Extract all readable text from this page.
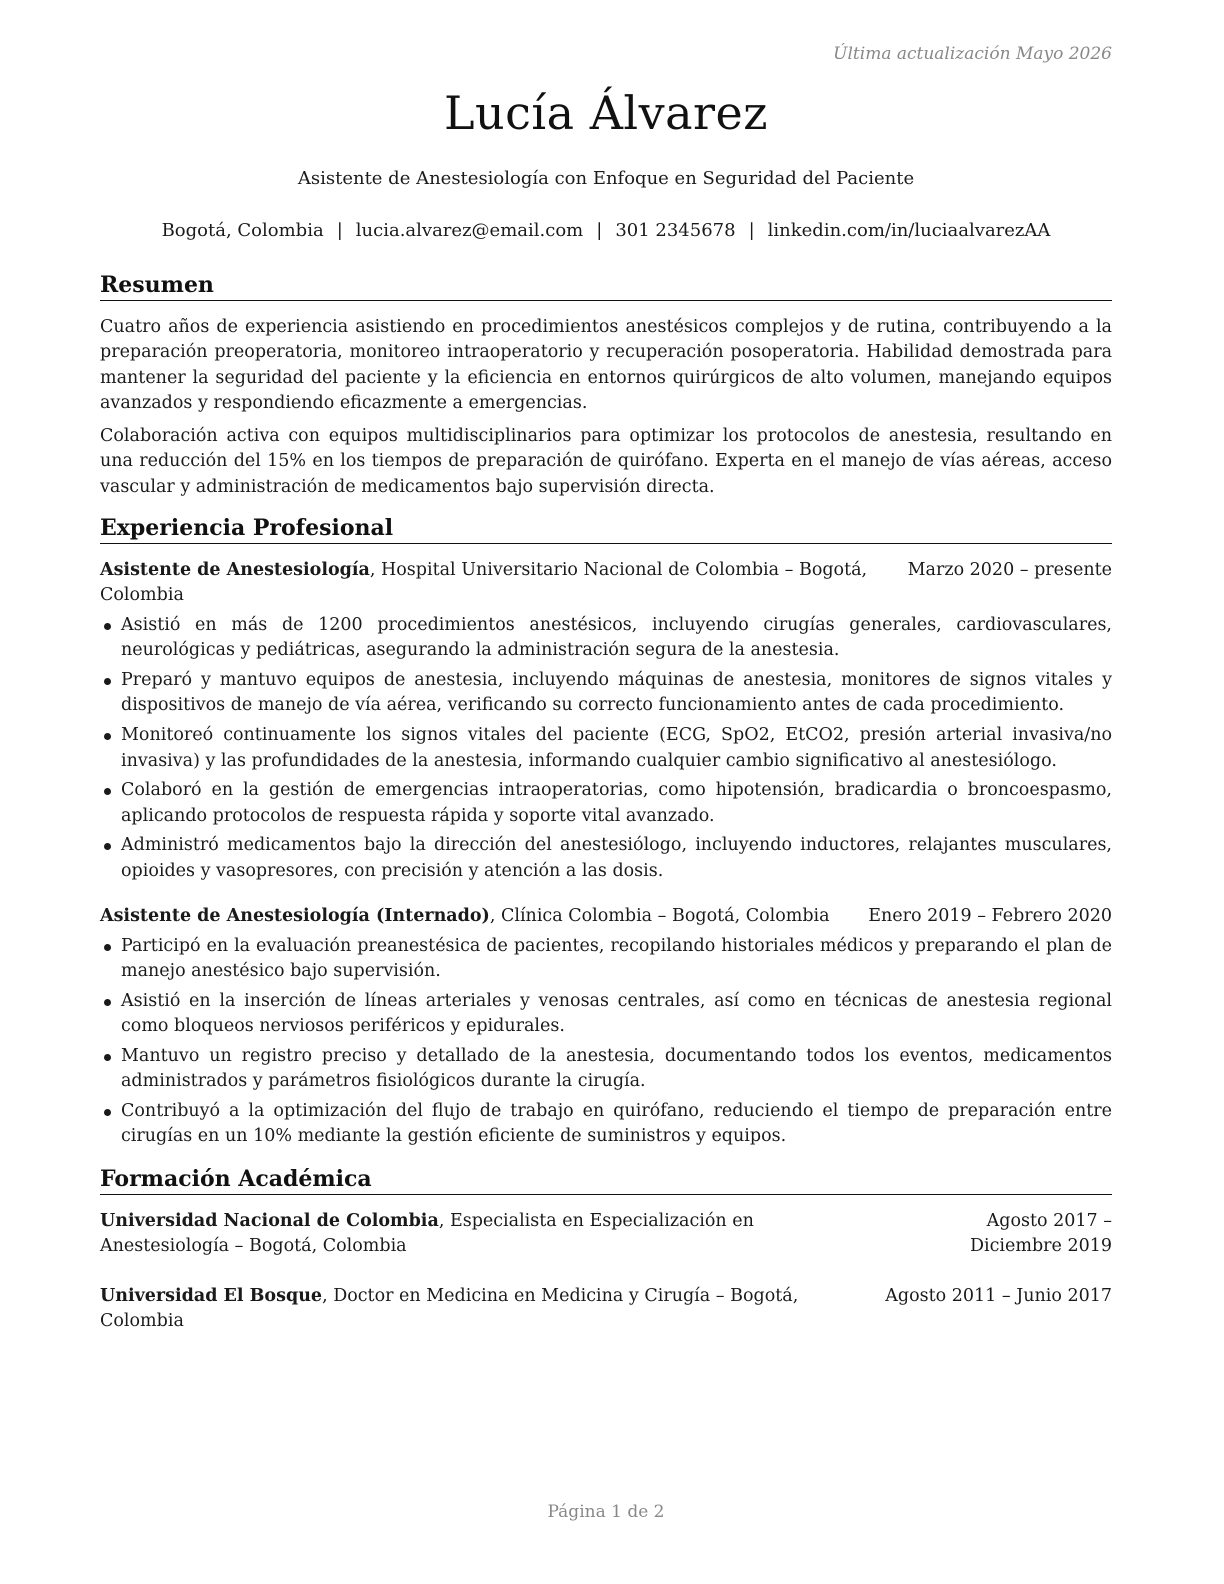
Última actualización Mayo 2026
Lucía Álvarez
Asistente de Anestesiología con Enfoque en Seguridad del Paciente
Bogotá, Colombia | lucia.alvarez@email.com | 301 2345678 | linkedin.com/in/luciaalvarezAA
Resumen

Cuatro años de experiencia asistiendo en procedimientos anestésicos complejos y de rutina, contribuyendo a la preparación preoperatoria, monitoreo intraoperatorio y recuperación posoperatoria. Habilidad demostrada para mantener la seguridad del paciente y la eficiencia en entornos quirúrgicos de alto volumen, manejando equipos avanzados y respondiendo eficazmente a emergencias.

Colaboración activa con equipos multidisciplinarios para optimizar los protocolos de anestesia, resultando en una reducción del 15% en los tiempos de preparación de quirófano. Experta en el manejo de vías aéreas, acceso vascular y administración de medicamentos bajo supervisión directa.

Experiencia Profesional
Asistente de Anestesiología, Hospital Universitario Nacional de Colombia – Bogotá, Colombia
Marzo 2020 – presente
Asistió en más de 1200 procedimientos anestésicos, incluyendo cirugías generales, cardiovasculares, neurológicas y pediátricas, asegurando la administración segura de la anestesia.
Preparó y mantuvo equipos de anestesia, incluyendo máquinas de anestesia, monitores de signos vitales y dispositivos de manejo de vía aérea, verificando su correcto funcionamiento antes de cada procedimiento.
Monitoreó continuamente los signos vitales del paciente (ECG, SpO2, EtCO2, presión arterial invasiva/no invasiva) y las profundidades de la anestesia, informando cualquier cambio significativo al anestesiólogo.
Colaboró en la gestión de emergencias intraoperatorias, como hipotensión, bradicardia o broncoespasmo, aplicando protocolos de respuesta rápida y soporte vital avanzado.
Administró medicamentos bajo la dirección del anestesiólogo, incluyendo inductores, relajantes musculares, opioides y vasopresores, con precisión y atención a las dosis.
Asistente de Anestesiología (Internado), Clínica Colombia – Bogotá, Colombia	Enero 2019 – Febrero 2020
Participó en la evaluación preanestésica de pacientes, recopilando historiales médicos y preparando el plan de manejo anestésico bajo supervisión.
Asistió en la inserción de líneas arteriales y venosas centrales, así como en técnicas de anestesia regional como bloqueos nerviosos periféricos y epidurales.
Mantuvo un registro preciso y detallado de la anestesia, documentando todos los eventos, medicamentos administrados y parámetros fisiológicos durante la cirugía.
Contribuyó a la optimización del flujo de trabajo en quirófano, reduciendo el tiempo de preparación entre cirugías en un 10% mediante la gestión eficiente de suministros y equipos.
Formación Académica
Universidad Nacional de Colombia, Especialista en Especialización en Anestesiología – Bogotá, Colombia
Agosto 2017 – Diciembre 2019
Universidad El Bosque, Doctor en Medicina en Medicina y Cirugía – Bogotá, Colombia
Agosto 2011 – Junio 2017
Página 1 de 2
